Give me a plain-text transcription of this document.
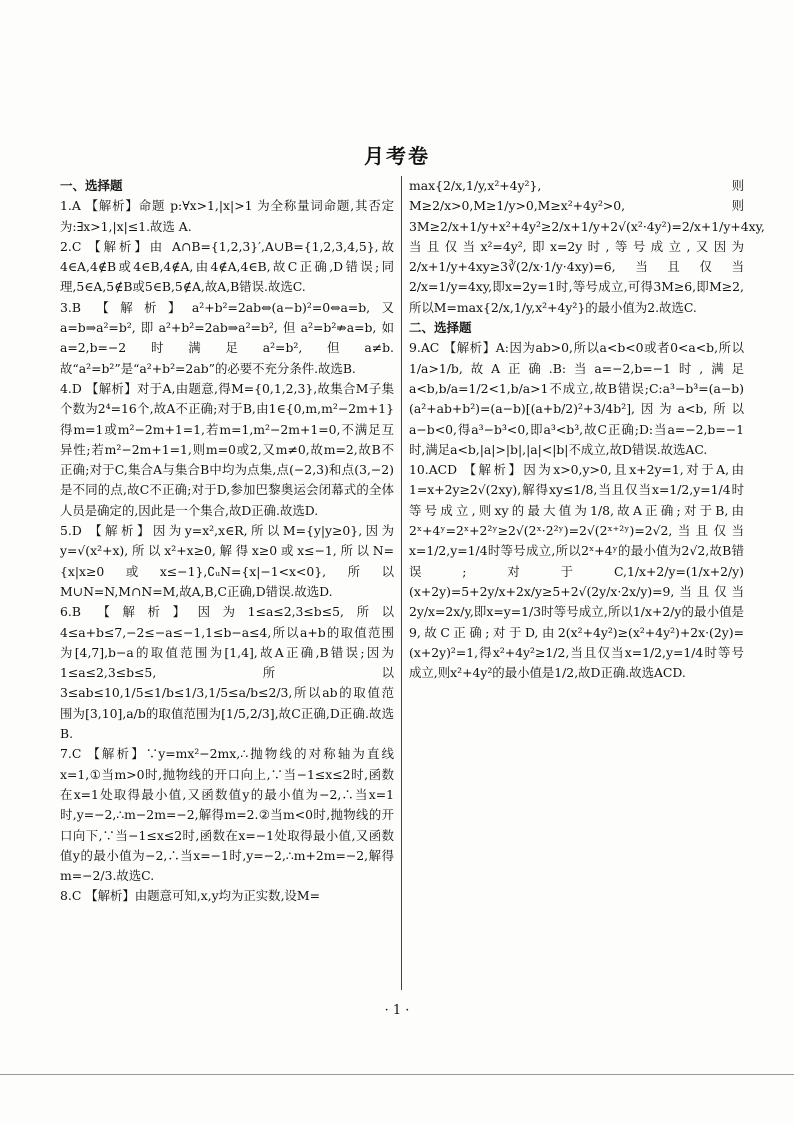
月考卷

一、选择题

1.A 【解析】命题 p:∀x>1,|x|>1 为全称量词命题,其否定为:∃x>1,|x|≤1.故选 A.

2.C 【解析】由 A∩B={1,2,3}′,A∪B={1,2,3,4,5},故4∈A,4∉B或4∈B,4∉A,由4∉A,4∈B,故C正确,D错误;同理,5∈A,5∉B或5∈B,5∉A,故A,B错误.故选C.

3.B 【解析】a²+b²=2ab⇔(a−b)²=0⇔a=b,又a=b⇒a²=b²,即a²+b²=2ab⇒a²=b²,但a²=b²⇏a=b,如a=2,b=−2时满足a²=b²,但a≠b.故“a²=b²”是“a²+b²=2ab”的必要不充分条件.故选B.

4.D 【解析】对于A,由题意,得M={0,1,2,3},故集合M子集个数为2⁴=16个,故A不正确;对于B,由1∈{0,m,m²−2m+1}得m=1或m²−2m+1=1,若m=1,m²−2m+1=0,不满足互异性;若m²−2m+1=1,则m=0或2,又m≠0,故m=2,故B不正确;对于C,集合A与集合B中均为点集,点(−2,3)和点(3,−2)是不同的点,故C不正确;对于D,参加巴黎奥运会闭幕式的全体人员是确定的,因此是一个集合,故D正确.故选D.

5.D 【解析】因为y=x²,x∈R,所以M={y|y≥0},因为y=√(x²+x),所以x²+x≥0,解得x≥0或x≤−1,所以N={x|x≥0或x≤−1},∁ᵤN={x|−1<x<0},所以M∪N=N,M∩N=M,故A,B,C正确,D错误.故选D.

6.B 【解析】因为1≤a≤2,3≤b≤5,所以4≤a+b≤7,−2≤−a≤−1,1≤b−a≤4,所以a+b的取值范围为[4,7],b−a的取值范围为[1,4],故A正确,B错误;因为1≤a≤2,3≤b≤5,所以3≤ab≤10,1/5≤1/b≤1/3,1/5≤a/b≤2/3,所以ab的取值范围为[3,10],a/b的取值范围为[1/5,2/3],故C正确,D正确.故选B.

7.C 【解析】∵y=mx²−2mx,∴抛物线的对称轴为直线x=1,①当m>0时,抛物线的开口向上,∵当−1≤x≤2时,函数在x=1处取得最小值,又函数值y的最小值为−2,∴当x=1时,y=−2,∴m−2m=−2,解得m=2.②当m<0时,抛物线的开口向下,∵当−1≤x≤2时,函数在x=−1处取得最小值,又函数值y的最小值为−2,∴当x=−1时,y=−2,∴m+2m=−2,解得m=−2/3.故选C.

8.C 【解析】由题意可知,x,y均为正实数,设M=

max{2/x,1/y,x²+4y²},则M≥2/x>0,M≥1/y>0,M≥x²+4y²>0,则3M≥2/x+1/y+x²+4y²≥2/x+1/y+2√(x²·4y²)=2/x+1/y+4xy,当且仅当x²=4y²,即x=2y时,等号成立,又因为2/x+1/y+4xy≥3∛(2/x·1/y·4xy)=6,当且仅当2/x=1/y=4xy,即x=2y=1时,等号成立,可得3M≥6,即M≥2,所以M=max{2/x,1/y,x²+4y²}的最小值为2.故选C.

二、选择题

9.AC 【解析】A:因为ab>0,所以a<b<0或者0<a<b,所以1/a>1/b,故A正确.B:当a=−2,b=−1时,满足a<b,b/a=1/2<1,b/a>1不成立,故B错误;C:a³−b³=(a−b)(a²+ab+b²)=(a−b)[(a+b/2)²+3/4b²],因为a<b,所以a−b<0,得a³−b³<0,即a³<b³,故C正确;D:当a=−2,b=−1时,满足a<b,|a|>|b|,|a|<|b|不成立,故D错误.故选AC.

10.ACD 【解析】因为x>0,y>0,且x+2y=1,对于A,由1=x+2y≥2√(2xy),解得xy≤1/8,当且仅当x=1/2,y=1/4时等号成立,则xy的最大值为1/8,故A正确;对于B,由2ˣ+4ʸ=2ˣ+2²ʸ≥2√(2ˣ·2²ʸ)=2√(2ˣ⁺²ʸ)=2√2,当且仅当x=1/2,y=1/4时等号成立,所以2ˣ+4ʸ的最小值为2√2,故B错误;对于C,1/x+2/y=(1/x+2/y)(x+2y)=5+2y/x+2x/y≥5+2√(2y/x·2x/y)=9,当且仅当2y/x=2x/y,即x=y=1/3时等号成立,所以1/x+2/y的最小值是9,故C正确;对于D,由2(x²+4y²)≥(x²+4y²)+2x·(2y)=(x+2y)²=1,得x²+4y²≥1/2,当且仅当x=1/2,y=1/4时等号成立,则x²+4y²的最小值是1/2,故D正确.故选ACD.

· 1 ·
